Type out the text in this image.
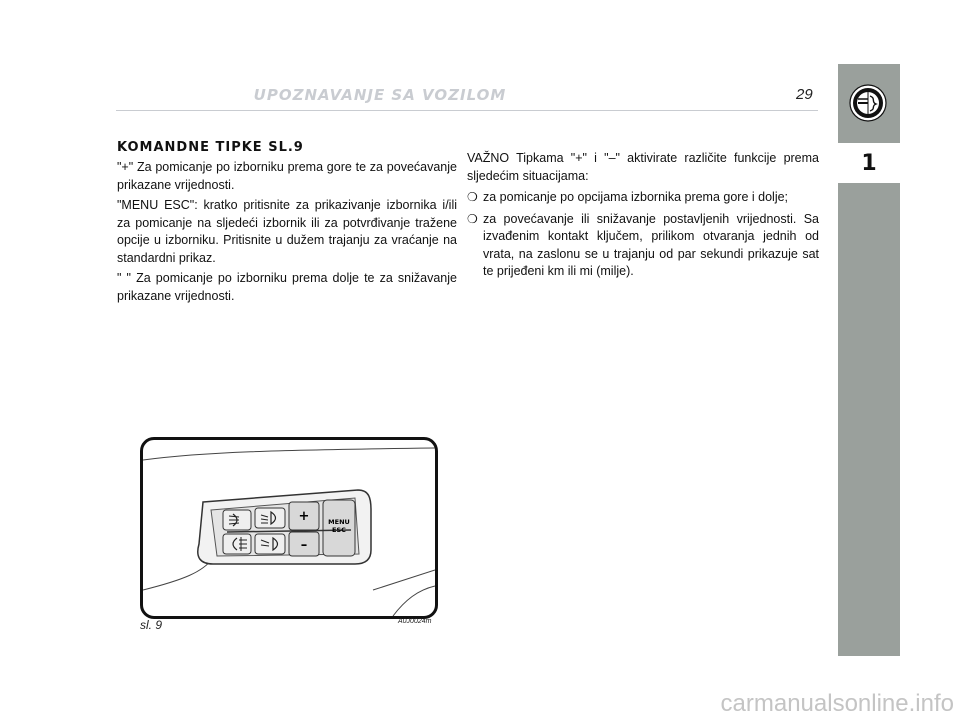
UPOZNAVANJE SA VOZILOM	29
1
KOMANDNE TIPKE SL.9

"+" Za pomicanje po izborniku prema gore te za povećavanje prikazane vrijednosti.

"MENU ESC": kratko pritisnite za prikazivanje izbornika i/ili za pomicanje na sljedeći izbornik ili za potvrđivanje tražene opcije u izborniku. Pritisnite u dužem trajanju za vraćanje na standardni prikaz.

" " Za pomicanje po izborniku prema dolje te za snižavanje prikazane vrijednosti.

VAŽNO Tipkama "+" i "–" aktivirate različite funkcije prema sljedećim situacijama:

❍ za pomicanje po opcijama izbornika prema gore i dolje;
❍ za povećavanje ili snižavanje postavljenih vrijednosti. Sa izvađenim kontakt ključem, prilikom otvaranja jednih od vrata, na zaslonu se u trajanju od par sekundi prikazuje sat te prijeđeni km ili mi (milje).
+
–
MENU
ESC
sl. 9	A0J0024m
carmanualsonline.info
